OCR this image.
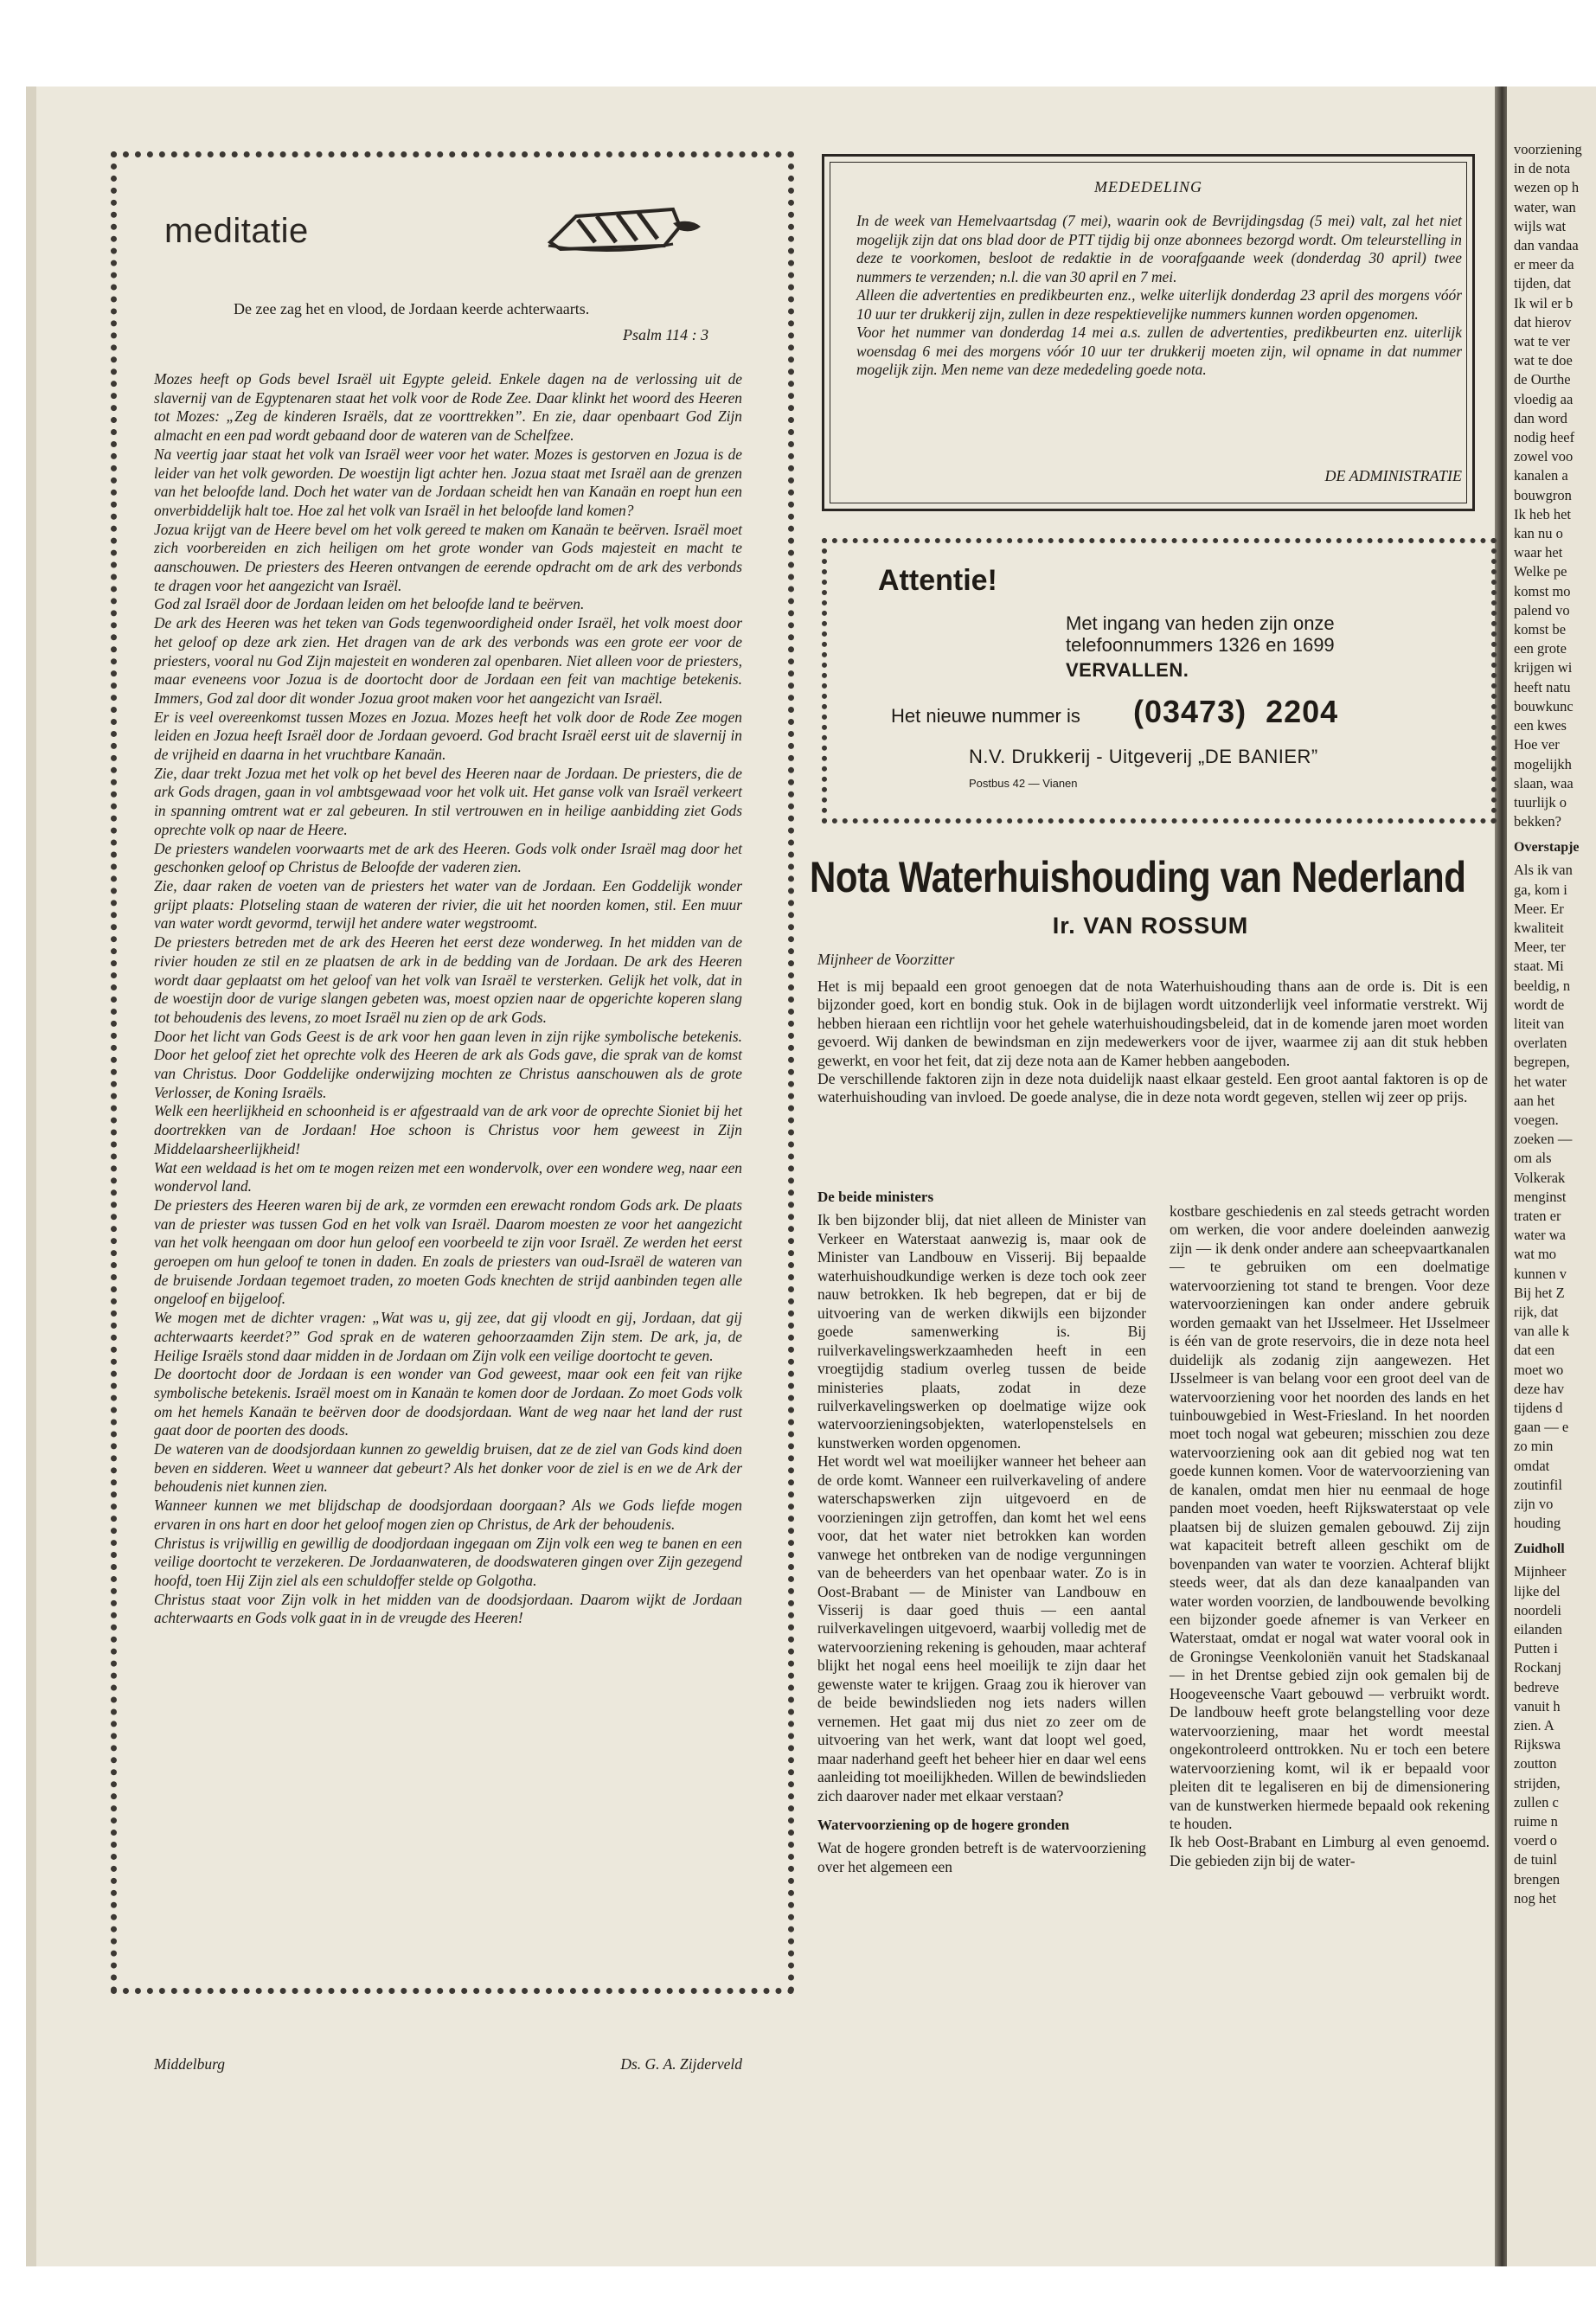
voorziening

in de nota

wezen op h

water, wan

wijls wat

dan vandaa

er meer da

tijden, dat

Ik wil er b

dat hierov

wat te ver

wat te doe

de Ourthe

vloedig aa

dan word

nodig heef

zowel voo

kanalen a

bouwgron

Ik heb het

kan nu o

waar het

Welke pe

komst mo

palend vo

komst be

een grote

krijgen wi

heeft natu

bouwkunc

een kwes

Hoe ver

mogelijkh

slaan, waa

tuurlijk o

bekken?

Overstapje

Als ik van

ga, kom i

Meer. Er

kwaliteit

Meer, ter

staat. Mi

beeldig, n

wordt de

liteit van

overlaten

begrepen,

het water

aan het

voegen.

zoeken —

om als

Volkerak

menginst

traten er

water wa

wat mo

kunnen v

Bij het Z

rijk, dat

van alle k

dat een

moet wo

deze hav

tijdens d

gaan — e

zo min

omdat

zoutinfil

zijn vo

houding

Zuidholl

Mijnheer

lijke del

noordeli

eilanden

Putten i

Rockanj

bedreve

vanuit h

zien. A

Rijkswa

zoutton

strijden,

zullen c

ruime n

voerd o

de tuinl

brengen

nog het

meditatie
De zee zag het en vlood, de Jordaan keerde achterwaarts.
Psalm 114 : 3

Mozes heeft op Gods bevel Israël uit Egypte geleid. Enkele dagen na de verlossing uit de slavernij van de Egyptenaren staat het volk voor de Rode Zee. Daar klinkt het woord des Heeren tot Mozes: „Zeg de kinderen Israëls, dat ze voorttrekken”. En zie, daar openbaart God Zijn almacht en een pad wordt gebaand door de wateren van de Schelfzee.

Na veertig jaar staat het volk van Israël weer voor het water. Mozes is gestorven en Jozua is de leider van het volk geworden. De woestijn ligt achter hen. Jozua staat met Israël aan de grenzen van het beloofde land. Doch het water van de Jordaan scheidt hen van Kanaän en roept hun een onverbiddelijk halt toe. Hoe zal het volk van Israël in het beloofde land komen?

Jozua krijgt van de Heere bevel om het volk gereed te maken om Kanaän te beërven. Israël moet zich voorbereiden en zich heiligen om het grote wonder van Gods majesteit en macht te aanschouwen. De priesters des Heeren ontvangen de eerende opdracht om de ark des verbonds te dragen voor het aangezicht van Israël.

God zal Israël door de Jordaan leiden om het beloofde land te beërven.

De ark des Heeren was het teken van Gods tegenwoordigheid onder Israël, het volk moest door het geloof op deze ark zien. Het dragen van de ark des verbonds was een grote eer voor de priesters, vooral nu God Zijn majesteit en wonderen zal openbaren. Niet alleen voor de priesters, maar eveneens voor Jozua is de doortocht door de Jordaan een feit van machtige betekenis. Immers, God zal door dit wonder Jozua groot maken voor het aangezicht van Israël.

Er is veel overeenkomst tussen Mozes en Jozua. Mozes heeft het volk door de Rode Zee mogen leiden en Jozua heeft Israël door de Jordaan gevoerd. God bracht Israël eerst uit de slavernij in de vrijheid en daarna in het vruchtbare Kanaän.

Zie, daar trekt Jozua met het volk op het bevel des Heeren naar de Jordaan. De priesters, die de ark Gods dragen, gaan in vol ambtsgewaad voor het volk uit. Het ganse volk van Israël verkeert in spanning omtrent wat er zal gebeuren. In stil vertrouwen en in heilige aanbidding ziet Gods oprechte volk op naar de Heere.

De priesters wandelen voorwaarts met de ark des Heeren. Gods volk onder Israël mag door het geschonken geloof op Christus de Beloofde der vaderen zien.

Zie, daar raken de voeten van de priesters het water van de Jordaan. Een Goddelijk wonder grijpt plaats: Plotseling staan de wateren der rivier, die uit het noorden komen, stil. Een muur van water wordt gevormd, terwijl het andere water wegstroomt.

De priesters betreden met de ark des Heeren het eerst deze wonderweg. In het midden van de rivier houden ze stil en ze plaatsen de ark in de bedding van de Jordaan. De ark des Heeren wordt daar geplaatst om het geloof van het volk van Israël te versterken. Gelijk het volk, dat in de woestijn door de vurige slangen gebeten was, moest opzien naar de opgerichte koperen slang tot behoudenis des levens, zo moet Israël nu zien op de ark Gods.

Door het licht van Gods Geest is de ark voor hen gaan leven in zijn rijke symbolische betekenis. Door het geloof ziet het oprechte volk des Heeren de ark als Gods gave, die sprak van de komst van Christus. Door Goddelijke onderwijzing mochten ze Christus aanschouwen als de grote Verlosser, de Koning Israëls.

Welk een heerlijkheid en schoonheid is er afgestraald van de ark voor de oprechte Sioniet bij het doortrekken van de Jordaan! Hoe schoon is Christus voor hem geweest in Zijn Middelaarsheerlijkheid!

Wat een weldaad is het om te mogen reizen met een wondervolk, over een wondere weg, naar een wondervol land.

De priesters des Heeren waren bij de ark, ze vormden een erewacht rondom Gods ark. De plaats van de priester was tussen God en het volk van Israël. Daarom moesten ze voor het aangezicht van het volk heengaan om door hun geloof een voorbeeld te zijn voor Israël. Ze werden het eerst geroepen om hun geloof te tonen in daden. En zoals de priesters van oud-Israël de wateren van de bruisende Jordaan tegemoet traden, zo moeten Gods knechten de strijd aanbinden tegen alle ongeloof en bijgeloof.

We mogen met de dichter vragen: „Wat was u, gij zee, dat gij vloodt en gij, Jordaan, dat gij achterwaarts keerdet?” God sprak en de wateren gehoorzaamden Zijn stem. De ark, ja, de Heilige Israëls stond daar midden in de Jordaan om Zijn volk een veilige doortocht te geven.

De doortocht door de Jordaan is een wonder van God geweest, maar ook een feit van rijke symbolische betekenis. Israël moest om in Kanaän te komen door de Jordaan. Zo moet Gods volk om het hemels Kanaän te beërven door de doodsjordaan. Want de weg naar het land der rust gaat door de poorten des doods.

De wateren van de doodsjordaan kunnen zo geweldig bruisen, dat ze de ziel van Gods kind doen beven en sidderen. Weet u wanneer dat gebeurt? Als het donker voor de ziel is en we de Ark der behoudenis niet kunnen zien.

Wanneer kunnen we met blijdschap de doodsjordaan doorgaan? Als we Gods liefde mogen ervaren in ons hart en door het geloof mogen zien op Christus, de Ark der behoudenis.

Christus is vrijwillig en gewillig de doodjordaan ingegaan om Zijn volk een weg te banen en een veilige doortocht te verzekeren. De Jordaanwateren, de doodswateren gingen over Zijn gezegend hoofd, toen Hij Zijn ziel als een schuldoffer stelde op Golgotha.

Christus staat voor Zijn volk in het midden van de doodsjordaan. Daarom wijkt de Jordaan achterwaarts en Gods volk gaat in in de vreugde des Heeren!

Middelburg	Ds. G. A. Zijderveld
MEDEDELING

In de week van Hemelvaartsdag (7 mei), waarin ook de Bevrijdingsdag (5 mei) valt, zal het niet mogelijk zijn dat ons blad door de PTT tijdig bij onze abonnees bezorgd wordt. Om teleurstelling in deze te voorkomen, besloot de redaktie in de voorafgaande week (donderdag 30 april) twee nummers te verzenden; n.l. die van 30 april en 7 mei.

Alleen die advertenties en predikbeurten enz., welke uiterlijk donderdag 23 april des morgens vóór 10 uur ter drukkerij zijn, zullen in deze respektievelijke nummers kunnen worden opgenomen.

Voor het nummer van donderdag 14 mei a.s. zullen de advertenties, predikbeurten enz. uiterlijk woensdag 6 mei des morgens vóór 10 uur ter drukkerij moeten zijn, wil opname in dat nummer mogelijk zijn. Men neme van deze mededeling goede nota.

DE ADMINISTRATIE
Attentie!
Met ingang van heden zijn onze
telefoonnummers 1326 en 1699
VERVALLEN.
Het nieuwe nummer is (03473)  2204
N.V. Drukkerij - Uitgeverij „DE BANIER”
Postbus 42 — Vianen
Nota Waterhuishouding van Nederland
Ir. VAN ROSSUM
Mijnheer de Voorzitter

Het is mij bepaald een groot genoegen dat de nota Waterhuishouding thans aan de orde is. Dit is een bijzonder goed, kort en bondig stuk. Ook in de bijlagen wordt uitzonderlijk veel informatie verstrekt. Wij hebben hieraan een richtlijn voor het gehele waterhuishoudingsbeleid, dat in de komende jaren moet worden gevoerd. Wij danken de bewindsman en zijn medewerkers voor de ijver, waarmee zij aan dit stuk hebben gewerkt, en voor het feit, dat zij deze nota aan de Kamer hebben aangeboden.

De verschillende faktoren zijn in deze nota duidelijk naast elkaar gesteld. Een groot aantal faktoren is op de waterhuishouding van invloed. De goede analyse, die in deze nota wordt gegeven, stellen wij zeer op prijs.

De beide ministers

Ik ben bijzonder blij, dat niet alleen de Minister van Verkeer en Waterstaat aanwezig is, maar ook de Minister van Landbouw en Visserij. Bij bepaalde waterhuishoudkundige werken is deze toch ook zeer nauw betrokken. Ik heb begrepen, dat er bij de uitvoering van de werken dikwijls een bijzonder goede samenwerking is. Bij ruilverkavelingswerkzaamheden heeft in een vroegtijdig stadium overleg tussen de beide ministeries plaats, zodat in deze ruilverkavelingswerken op doelmatige wijze ook watervoorzieningsobjekten, waterlopenstelsels en kunstwerken worden opgenomen.

Het wordt wel wat moeilijker wanneer het beheer aan de orde komt. Wanneer een ruilverkaveling of andere waterschapswerken zijn uitgevoerd en de voorzieningen zijn getroffen, dan komt het wel eens voor, dat het water niet betrokken kan worden vanwege het ontbreken van de nodige vergunningen van de beheerders van het openbaar water. Zo is in Oost-Brabant — de Minister van Landbouw en Visserij is daar goed thuis — een aantal ruilverkavelingen uitgevoerd, waarbij volledig met de watervoorziening rekening is gehouden, maar achteraf blijkt het nogal eens heel moeilijk te zijn daar het gewenste water te krijgen. Graag zou ik hierover van de beide bewindslieden nog iets naders willen vernemen. Het gaat mij dus niet zo zeer om de uitvoering van het werk, want dat loopt wel goed, maar naderhand geeft het beheer hier en daar wel eens aanleiding tot moeilijkheden. Willen de bewindslieden zich daarover nader met elkaar verstaan?

Watervoorziening op de hogere gronden

Wat de hogere gronden betreft is de watervoorziening over het algemeen een

kostbare geschiedenis en zal steeds getracht worden om werken, die voor andere doeleinden aanwezig zijn — ik denk onder andere aan scheepvaartkanalen — te gebruiken om een doelmatige watervoorziening tot stand te brengen. Voor deze watervoorzieningen kan onder andere gebruik worden gemaakt van het IJsselmeer. Het IJsselmeer is één van de grote reservoirs, die in deze nota heel duidelijk als zodanig zijn aangewezen. Het IJsselmeer is van belang voor een groot deel van de watervoorziening voor het noorden des lands en het tuinbouwgebied in West-Friesland. In het noorden moet toch nogal wat gebeuren; misschien zou deze watervoorziening ook aan dit gebied nog wat ten goede kunnen komen. Voor de watervoorziening van de kanalen, omdat men hier nu eenmaal de hoge panden moet voeden, heeft Rijkswaterstaat op vele plaatsen bij de sluizen gemalen gebouwd. Zij zijn wat kapaciteit betreft alleen geschikt om de bovenpanden van water te voorzien. Achteraf blijkt steeds weer, dat als dan deze kanaalpanden van water worden voorzien, de landbouwende bevolking een bijzonder goede afnemer is van Verkeer en Waterstaat, omdat er nogal wat water vooral ook in de Groningse Veenkoloniën vanuit het Stadskanaal — in het Drentse gebied zijn ook gemalen bij de Hoogeveensche Vaart gebouwd — verbruikt wordt. De landbouw heeft grote belangstelling voor deze watervoorziening, maar het wordt meestal ongekontroleerd onttrokken. Nu er toch een betere watervoorziening komt, wil ik er bepaald voor pleiten dit te legaliseren en bij de dimensionering van de kunstwerken hiermede bepaald ook rekening te houden.

Ik heb Oost-Brabant en Limburg al even genoemd. Die gebieden zijn bij de water-
